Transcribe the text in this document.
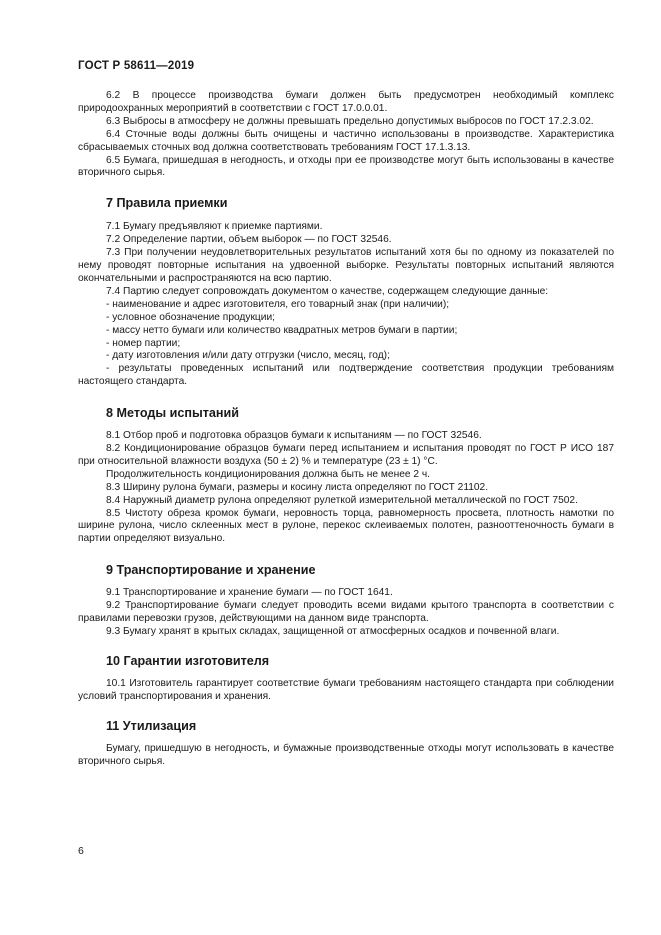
ГОСТ Р 58611—2019

6.2 В процессе производства бумаги должен быть предусмотрен необходимый комплекс природоохранных мероприятий в соответствии с ГОСТ 17.0.0.01.

6.3 Выбросы в атмосферу не должны превышать предельно допустимых выбросов по ГОСТ 17.2.3.02.

6.4 Сточные воды должны быть очищены и частично использованы в производстве. Характеристика сбрасываемых сточных вод должна соответствовать требованиям ГОСТ 17.1.3.13.

6.5 Бумага, пришедшая в негодность, и отходы при ее производстве могут быть использованы в качестве вторичного сырья.

7 Правила приемки

7.1 Бумагу предъявляют к приемке партиями.

7.2 Определение партии, объем выборок — по ГОСТ 32546.

7.3 При получении неудовлетворительных результатов испытаний хотя бы по одному из показателей по нему проводят повторные испытания на удвоенной выборке. Результаты повторных испытаний являются окончательными и распространяются на всю партию.

7.4 Партию следует сопровождать документом о качестве, содержащем следующие данные:

- наименование и адрес изготовителя, его товарный знак (при наличии);

- условное обозначение продукции;

- массу нетто бумаги или количество квадратных метров бумаги в партии;

- номер партии;

- дату изготовления и/или дату отгрузки (число, месяц, год);

- результаты проведенных испытаний или подтверждение соответствия продукции требованиям настоящего стандарта.

8 Методы испытаний

8.1 Отбор проб и подготовка образцов бумаги к испытаниям — по ГОСТ 32546.

8.2 Кондиционирование образцов бумаги перед испытанием и испытания проводят по ГОСТ Р ИСО 187 при относительной влажности воздуха (50 ± 2) % и температуре (23 ± 1) °С.

Продолжительность кондиционирования должна быть не менее 2 ч.

8.3 Ширину рулона бумаги, размеры и косину листа определяют по ГОСТ 21102.

8.4 Наружный диаметр рулона определяют рулеткой измерительной металлической по ГОСТ 7502.

8.5 Чистоту обреза кромок бумаги, неровность торца, равномерность просвета, плотность намотки по ширине рулона, число склеенных мест в рулоне, перекос склеиваемых полотен, разнооттеночность бумаги в партии определяют визуально.

9 Транспортирование и хранение

9.1 Транспортирование и хранение бумаги — по ГОСТ 1641.

9.2 Транспортирование бумаги следует проводить всеми видами крытого транспорта в соответствии с правилами перевозки грузов, действующими на данном виде транспорта.

9.3 Бумагу хранят в крытых складах, защищенной от атмосферных осадков и почвенной влаги.

10 Гарантии изготовителя

10.1 Изготовитель гарантирует соответствие бумаги требованиям настоящего стандарта при соблюдении условий транспортирования и хранения.

11 Утилизация

Бумагу, пришедшую в негодность, и бумажные производственные отходы могут использовать в качестве вторичного сырья.

6
